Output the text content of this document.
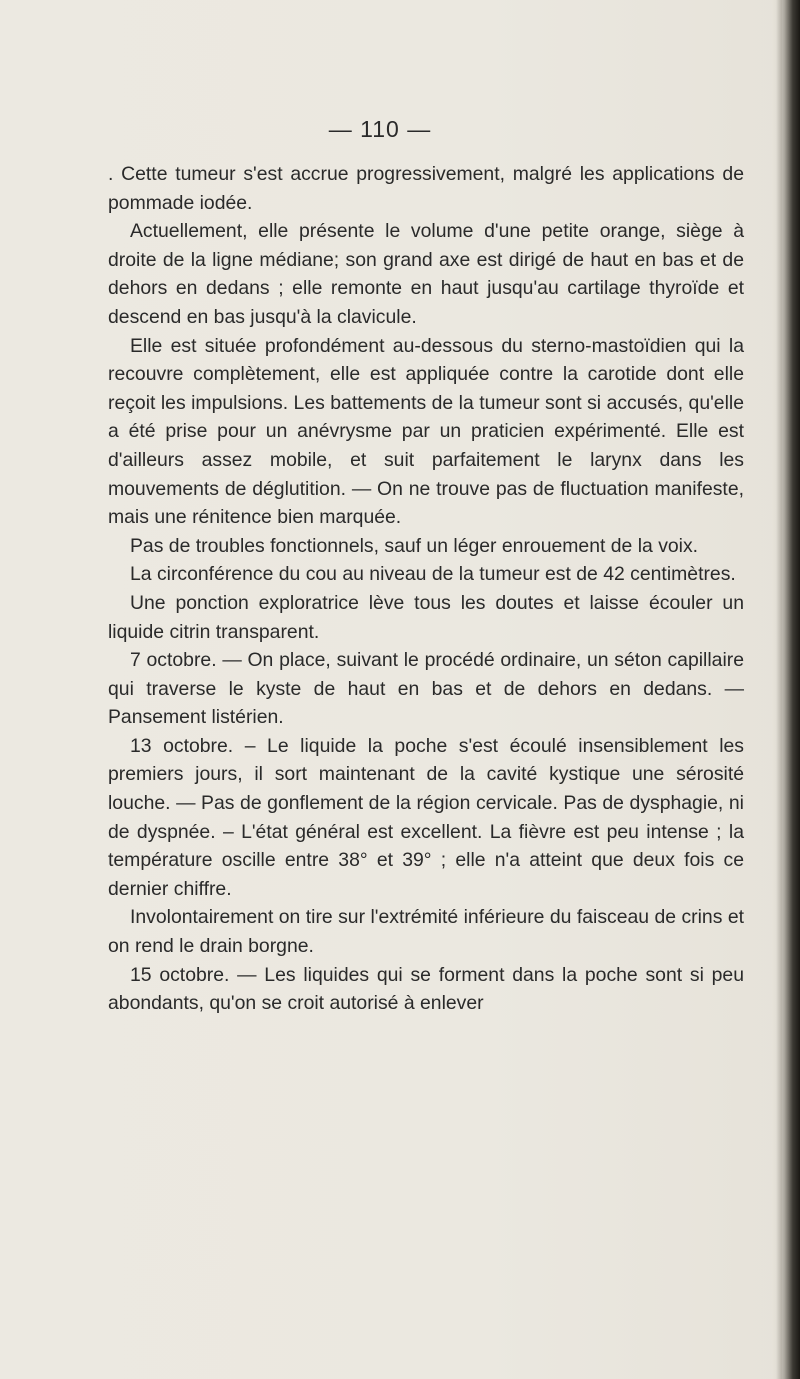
— 110 —

. Cette tumeur s'est accrue progressivement, malgré les applications de pommade iodée.

Actuellement, elle présente le volume d'une petite orange, siège à droite de la ligne médiane; son grand axe est dirigé de haut en bas et de dehors en dedans ; elle remonte en haut jusqu'au cartilage thyroïde et descend en bas jusqu'à la clavicule.

Elle est située profondément au-dessous du sterno-mastoïdien qui la recouvre complètement, elle est appliquée contre la carotide dont elle reçoit les impulsions. Les battements de la tumeur sont si accusés, qu'elle a été prise pour un anévrysme par un praticien expérimenté. Elle est d'ailleurs assez mobile, et suit parfaitement le larynx dans les mouvements de déglutition. — On ne trouve pas de fluctuation manifeste, mais une rénitence bien marquée.

Pas de troubles fonctionnels, sauf un léger enrouement de la voix.

La circonférence du cou au niveau de la tumeur est de 42 centimètres.

Une ponction exploratrice lève tous les doutes et laisse écouler un liquide citrin transparent.

7 octobre. — On place, suivant le procédé ordinaire, un séton capillaire qui traverse le kyste de haut en bas et de dehors en dedans. — Pansement listérien.

13 octobre. – Le liquide la poche s'est écoulé insensiblement les premiers jours, il sort maintenant de la cavité kystique une sérosité louche. — Pas de gonflement de la région cervicale. Pas de dysphagie, ni de dyspnée. – L'état général est excellent. La fièvre est peu intense ; la température oscille entre 38° et 39° ; elle n'a atteint que deux fois ce dernier chiffre.

Involontairement on tire sur l'extrémité inférieure du faisceau de crins et on rend le drain borgne.

15 octobre. — Les liquides qui se forment dans la poche sont si peu abondants, qu'on se croit autorisé à enlever
